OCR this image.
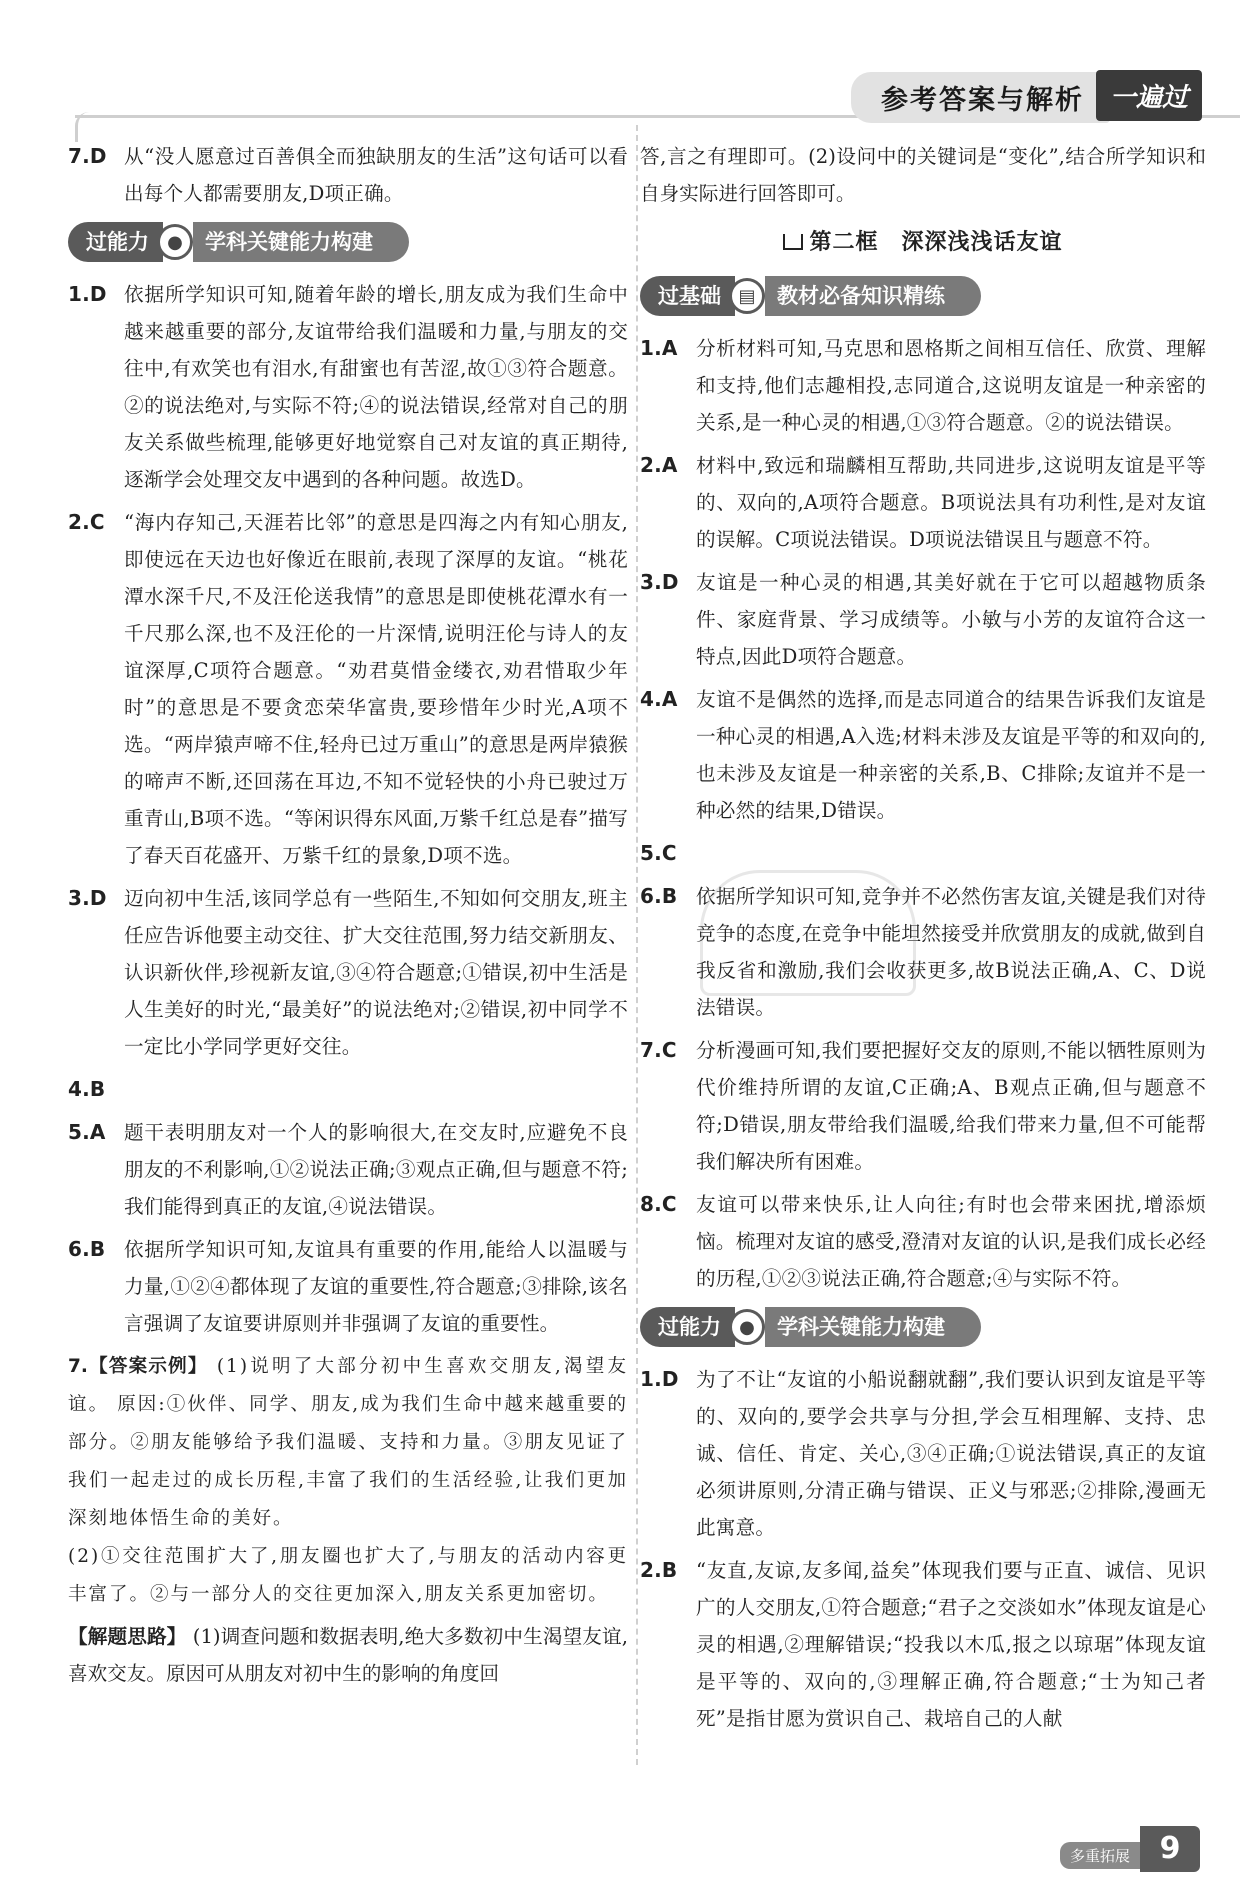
参考答案与解析 一遍过
7.D 从“没人愿意过百善俱全而独缺朋友的生活”这句话可以看出每个人都需要朋友,D项正确。
过能力	●	学科关键能力构建
1.D 依据所学知识可知,随着年龄的增长,朋友成为我们生命中越来越重要的部分,友谊带给我们温暖和力量,与朋友的交往中,有欢笑也有泪水,有甜蜜也有苦涩,故①③符合题意。②的说法绝对,与实际不符;④的说法错误,经常对自己的朋友关系做些梳理,能够更好地觉察自己对友谊的真正期待,逐渐学会处理交友中遇到的各种问题。故选D。
2.C “海内存知己,天涯若比邻”的意思是四海之内有知心朋友,即使远在天边也好像近在眼前,表现了深厚的友谊。“桃花潭水深千尺,不及汪伦送我情”的意思是即使桃花潭水有一千尺那么深,也不及汪伦的一片深情,说明汪伦与诗人的友谊深厚,C项符合题意。“劝君莫惜金缕衣,劝君惜取少年时”的意思是不要贪恋荣华富贵,要珍惜年少时光,A项不选。“两岸猿声啼不住,轻舟已过万重山”的意思是两岸猿猴的啼声不断,还回荡在耳边,不知不觉轻快的小舟已驶过万重青山,B项不选。“等闲识得东风面,万紫千红总是春”描写了春天百花盛开、万紫千红的景象,D项不选。
3.D 迈向初中生活,该同学总有一些陌生,不知如何交朋友,班主任应告诉他要主动交往、扩大交往范围,努力结交新朋友、认识新伙伴,珍视新友谊,③④符合题意;①错误,初中生活是人生美好的时光,“最美好”的说法绝对;②错误,初中同学不一定比小学同学更好交往。
4.B
5.A 题干表明朋友对一个人的影响很大,在交友时,应避免不良朋友的不利影响,①②说法正确;③观点正确,但与题意不符;我们能得到真正的友谊,④说法错误。
6.B 依据所学知识可知,友谊具有重要的作用,能给人以温暖与力量,①②④都体现了友谊的重要性,符合题意;③排除,该名言强调了友谊要讲原则并非强调了友谊的重要性。
7.【答案示例】 (1)说明了大部分初中生喜欢交朋友,渴望友谊。 原因:①伙伴、同学、朋友,成为我们生命中越来越重要的部分。②朋友能够给予我们温暖、支持和力量。③朋友见证了我们一起走过的成长历程,丰富了我们的生活经验,让我们更加深刻地体悟生命的美好。
(2)①交往范围扩大了,朋友圈也扩大了,与朋友的活动内容更丰富了。②与一部分人的交往更加深入,朋友关系更加密切。
【解题思路】 (1)调查问题和数据表明,绝大多数初中生渴望友谊,喜欢交友。原因可从朋友对初中生的影响的角度回
答,言之有理即可。(2)设问中的关键词是“变化”,结合所学知识和自身实际进行回答即可。
第二框　深深浅浅话友谊
过基础 ▤	教材必备知识精练
1.A 分析材料可知,马克思和恩格斯之间相互信任、欣赏、理解和支持,他们志趣相投,志同道合,这说明友谊是一种亲密的关系,是一种心灵的相遇,①③符合题意。②的说法错误。
2.A 材料中,致远和瑞麟相互帮助,共同进步,这说明友谊是平等的、双向的,A项符合题意。B项说法具有功利性,是对友谊的误解。C项说法错误。D项说法错误且与题意不符。
3.D 友谊是一种心灵的相遇,其美好就在于它可以超越物质条件、家庭背景、学习成绩等。小敏与小芳的友谊符合这一特点,因此D项符合题意。
4.A 友谊不是偶然的选择,而是志同道合的结果告诉我们友谊是一种心灵的相遇,A入选;材料未涉及友谊是平等的和双向的,也未涉及友谊是一种亲密的关系,B、C排除;友谊并不是一种必然的结果,D错误。
5.C
6.B 依据所学知识可知,竞争并不必然伤害友谊,关键是我们对待竞争的态度,在竞争中能坦然接受并欣赏朋友的成就,做到自我反省和激励,我们会收获更多,故B说法正确,A、C、D说法错误。
7.C 分析漫画可知,我们要把握好交友的原则,不能以牺牲原则为代价维持所谓的友谊,C正确;A、B观点正确,但与题意不符;D错误,朋友带给我们温暖,给我们带来力量,但不可能帮我们解决所有困难。
8.C 友谊可以带来快乐,让人向往;有时也会带来困扰,增添烦恼。梳理对友谊的感受,澄清对友谊的认识,是我们成长必经的历程,①②③说法正确,符合题意;④与实际不符。
过能力	●	学科关键能力构建
1.D 为了不让“友谊的小船说翻就翻”,我们要认识到友谊是平等的、双向的,要学会共享与分担,学会互相理解、支持、忠诚、信任、肯定、关心,③④正确;①说法错误,真正的友谊必须讲原则,分清正确与错误、正义与邪恶;②排除,漫画无此寓意。
2.B “友直,友谅,友多闻,益矣”体现我们要与正直、诚信、见识广的人交朋友,①符合题意;“君子之交淡如水”体现友谊是心灵的相遇,②理解错误;“投我以木瓜,报之以琼琚”体现友谊是平等的、双向的,③理解正确,符合题意;“士为知己者死”是指甘愿为赏识自己、栽培自己的人献
多重拓展 9
